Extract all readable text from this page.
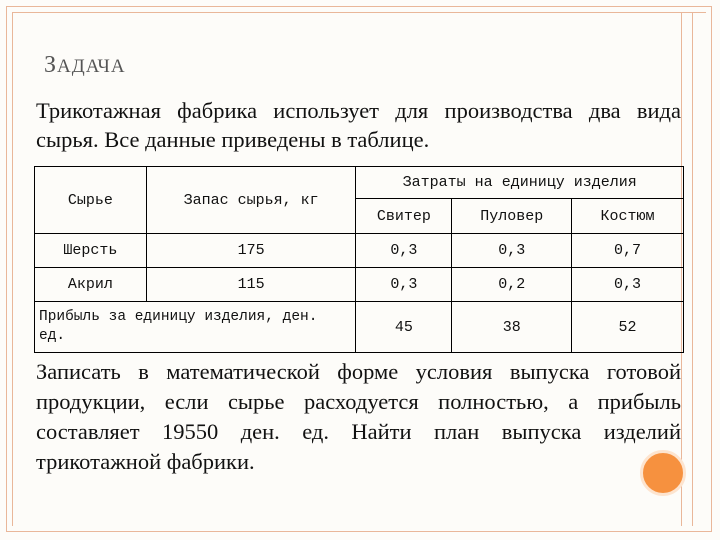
ЗАДАЧА
Трикотажная фабрика использует для производства два вида сырья. Все данные приведены в таблице.
Сырье	Запас сырья, кг	Затраты на единицу изделия		
		Свитер	Пуловер	Костюм
Шерсть	175	0,3	0,3	0,7
Акрил	115	0,3	0,2	0,3
Прибыль за единицу изделия, ден. ед.		45	38	52
Записать в математической форме условия выпуска готовой продукции, если сырье расходуется полностью, а прибыль составляет 19550 ден. ед. Найти план выпуска изделий трикотажной фабрики.
